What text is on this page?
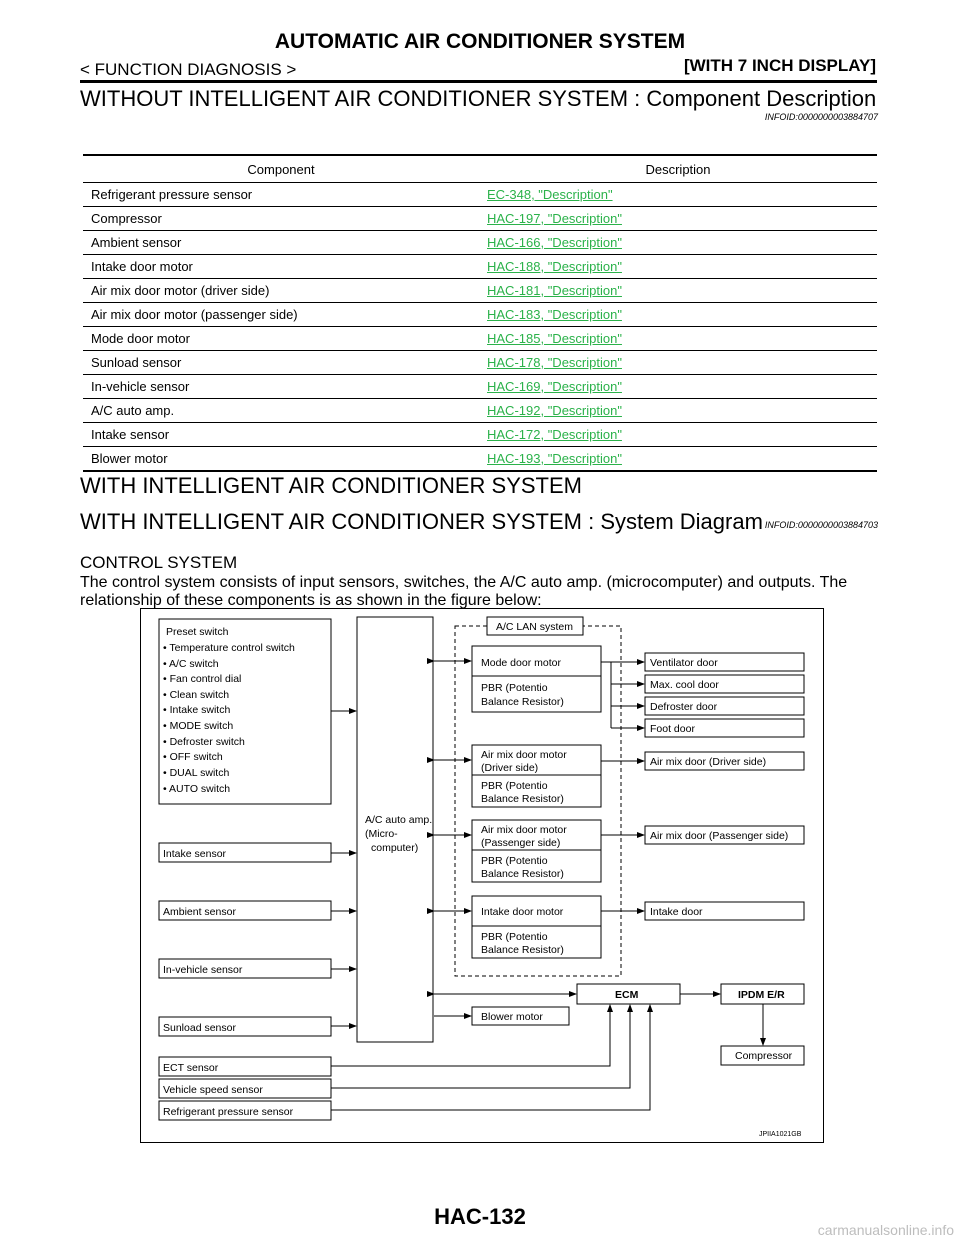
AUTOMATIC AIR CONDITIONER SYSTEM
< FUNCTION DIAGNOSIS >	[WITH 7 INCH DISPLAY]
WITHOUT INTELLIGENT AIR CONDITIONER SYSTEM : Component Description
INFOID:0000000003884707
Component	Description
Refrigerant pressure sensor	EC-348, "Description"
Compressor	HAC-197, "Description"
Ambient sensor	HAC-166, "Description"
Intake door motor	HAC-188, "Description"
Air mix door motor (driver side)	HAC-181, "Description"
Air mix door motor (passenger side)	HAC-183, "Description"
Mode door motor	HAC-185, "Description"
Sunload sensor	HAC-178, "Description"
In-vehicle sensor	HAC-169, "Description"
A/C auto amp.	HAC-192, "Description"
Intake sensor	HAC-172, "Description"
Blower motor	HAC-193, "Description"
WITH INTELLIGENT AIR CONDITIONER SYSTEM
WITH INTELLIGENT AIR CONDITIONER SYSTEM : System Diagram INFOID:0000000003884703
CONTROL SYSTEM
The control system consists of input sensors, switches, the A/C auto amp. (microcomputer) and outputs. The
relationship of these components is as shown in the figure below:
Preset switch
• Temperature control switch
• A/C switch
• Fan control dial
• Clean switch
• Intake switch
• MODE switch
• Defroster switch
• OFF switch
• DUAL switch
• AUTO switch
Intake sensor
Ambient sensor
In-vehicle sensor
Sunload sensor
ECT sensor
Vehicle speed sensor
Refrigerant pressure sensor
A/C auto amp.
(Micro-
computer)
A/C LAN system
Mode door motor
PBR (Potentio
Balance Resistor)
Air mix door motor
(Driver side)
PBR (Potentio
Balance Resistor)
Air mix door motor
(Passenger side)
PBR (Potentio
Balance Resistor)
Intake door motor
PBR (Potentio
Balance Resistor)
Ventilator door
Max. cool door
Defroster door
Foot door
Air mix door (Driver side)
Air mix door (Passenger side)
Intake door
ECM	IPDM E/R
Blower motor
Compressor
JPIIA1021GB
HAC-132
carmanualsonline.info
